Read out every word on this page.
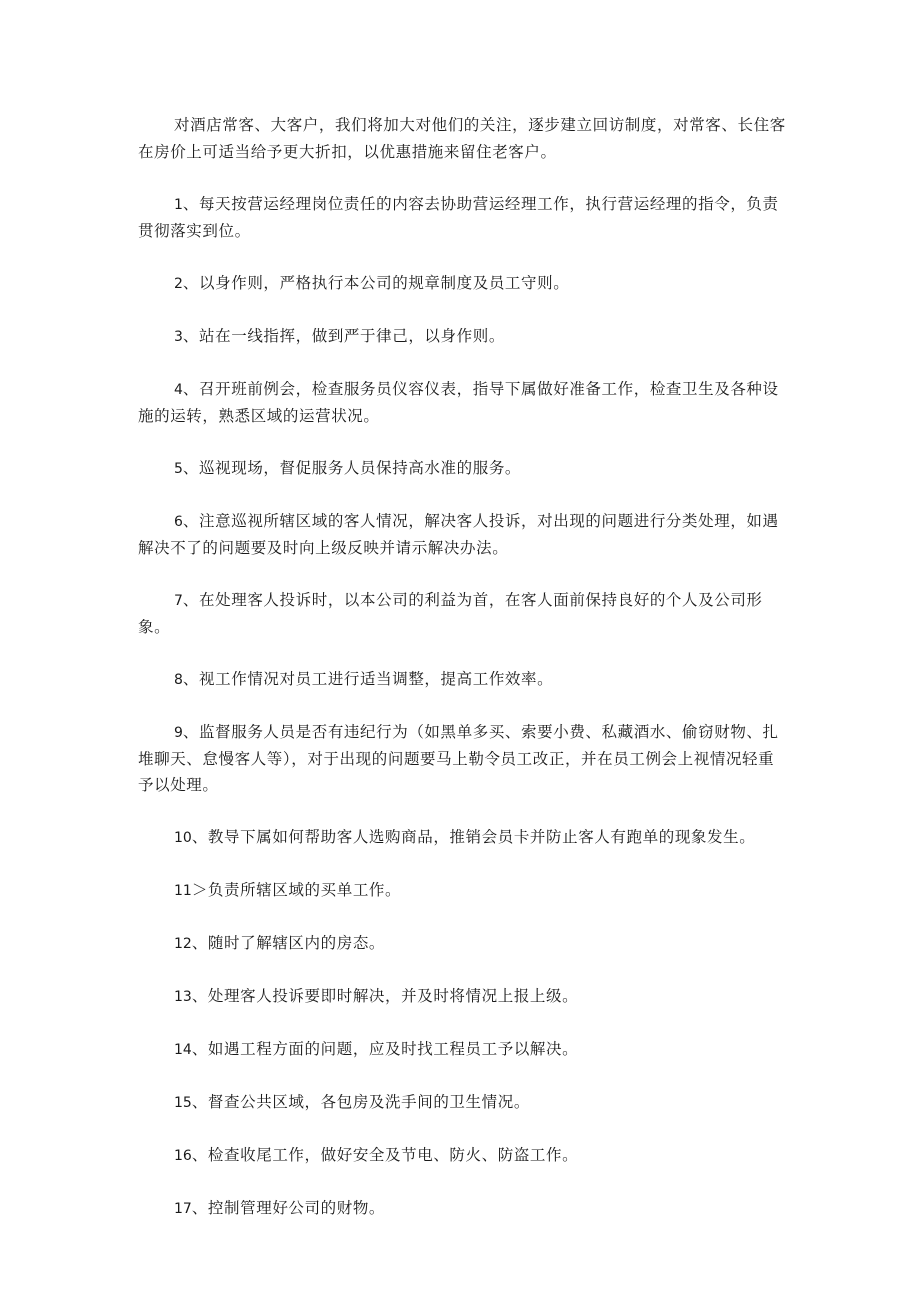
对酒店常客、大客户，我们将加大对他们的关注，逐步建立回访制度，对常客、长住客在房价上可适当给予更大折扣，以优惠措施来留住老客户。

1、每天按营运经理岗位责任的内容去协助营运经理工作，执行营运经理的指令，负责贯彻落实到位。

2、以身作则，严格执行本公司的规章制度及员工守则。

3、站在一线指挥，做到严于律己，以身作则。

4、召开班前例会，检查服务员仪容仪表，指导下属做好准备工作，检查卫生及各种设施的运转，熟悉区域的运营状况。

5、巡视现场，督促服务人员保持高水准的服务。

6、注意巡视所辖区域的客人情况，解决客人投诉，对出现的问题进行分类处理，如遇解决不了的问题要及时向上级反映并请示解决办法。

7、在处理客人投诉时，以本公司的利益为首，在客人面前保持良好的个人及公司形象。

8、视工作情况对员工进行适当调整，提高工作效率。

9、监督服务人员是否有违纪行为（如黑单多买、索要小费、私藏酒水、偷窃财物、扎堆聊天、怠慢客人等），对于出现的问题要马上勒令员工改正，并在员工例会上视情况轻重予以处理。

10、教导下属如何帮助客人选购商品，推销会员卡并防止客人有跑单的现象发生。

11＞负责所辖区域的买单工作。

12、随时了解辖区内的房态。

13、处理客人投诉要即时解决，并及时将情况上报上级。

14、如遇工程方面的问题，应及时找工程员工予以解决。

15、督查公共区域，各包房及洗手间的卫生情况。

16、检查收尾工作，做好安全及节电、防火、防盗工作。

17、控制管理好公司的财物。
